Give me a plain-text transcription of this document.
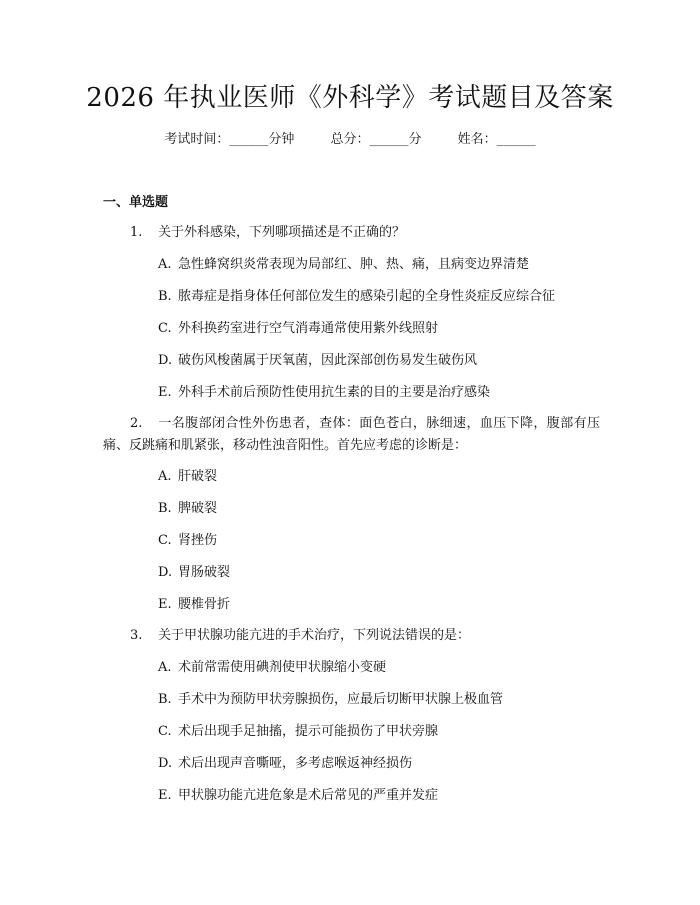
2026 年执业医师《外科学》考试题目及答案
考试时间：______分钟	总分：______分	姓名：______
一、单选题
1. 关于外科感染，下列哪项描述是不正确的？
A. 急性蜂窝织炎常表现为局部红、肿、热、痛，且病变边界清楚
B. 脓毒症是指身体任何部位发生的感染引起的全身性炎症反应综合征
C. 外科换药室进行空气消毒通常使用紫外线照射
D. 破伤风梭菌属于厌氧菌，因此深部创伤易发生破伤风
E. 外科手术前后预防性使用抗生素的目的主要是治疗感染
2. 一名腹部闭合性外伤患者，查体：面色苍白，脉细速，血压下降，腹部有压痛、反跳痛和肌紧张，移动性浊音阳性。首先应考虑的诊断是：
A. 肝破裂
B. 脾破裂
C. 肾挫伤
D. 胃肠破裂
E. 腰椎骨折
3. 关于甲状腺功能亢进的手术治疗，下列说法错误的是：
A. 术前常需使用碘剂使甲状腺缩小变硬
B. 手术中为预防甲状旁腺损伤，应最后切断甲状腺上极血管
C. 术后出现手足抽搐，提示可能损伤了甲状旁腺
D. 术后出现声音嘶哑，多考虑喉返神经损伤
E. 甲状腺功能亢进危象是术后常见的严重并发症
